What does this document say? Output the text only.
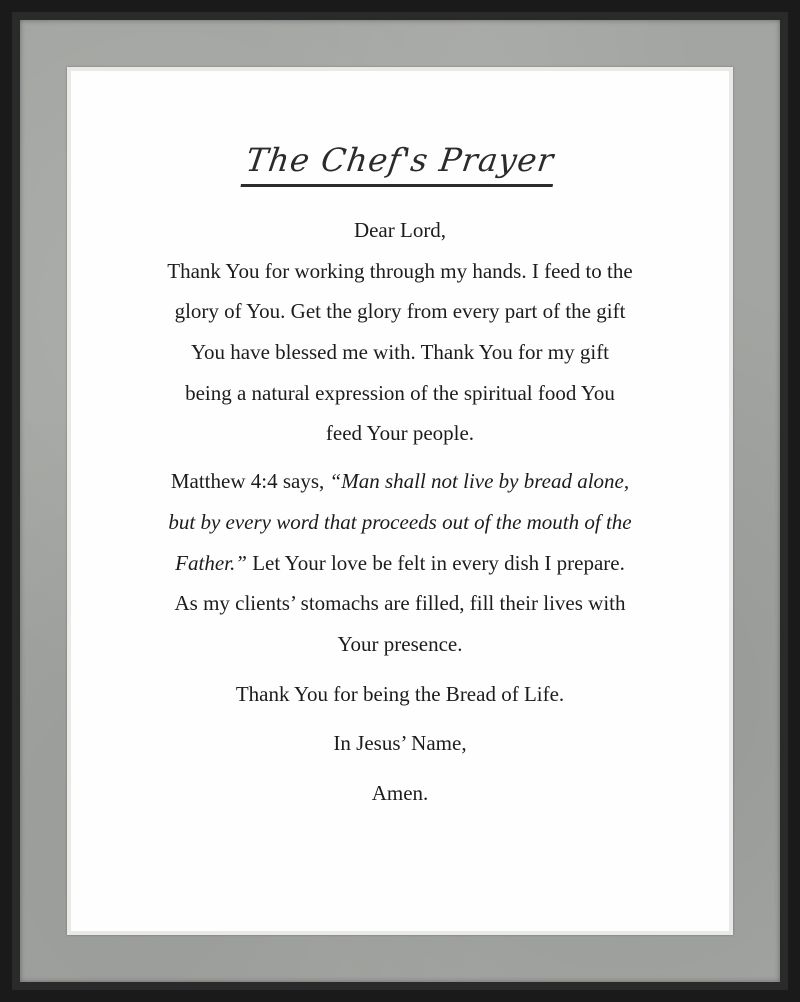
The Chef's Prayer
Dear Lord,
Thank You for working through my hands. I feed to the
glory of You. Get the glory from every part of the gift
You have blessed me with. Thank You for my gift
being a natural expression of the spiritual food You
feed Your people.
Matthew 4:4 says, “Man shall not live by bread alone,
but by every word that proceeds out of the mouth of the
Father.” Let Your love be felt in every dish I prepare.
As my clients’ stomachs are filled, fill their lives with
Your presence.
Thank You for being the Bread of Life.
In Jesus’ Name,
Amen.
